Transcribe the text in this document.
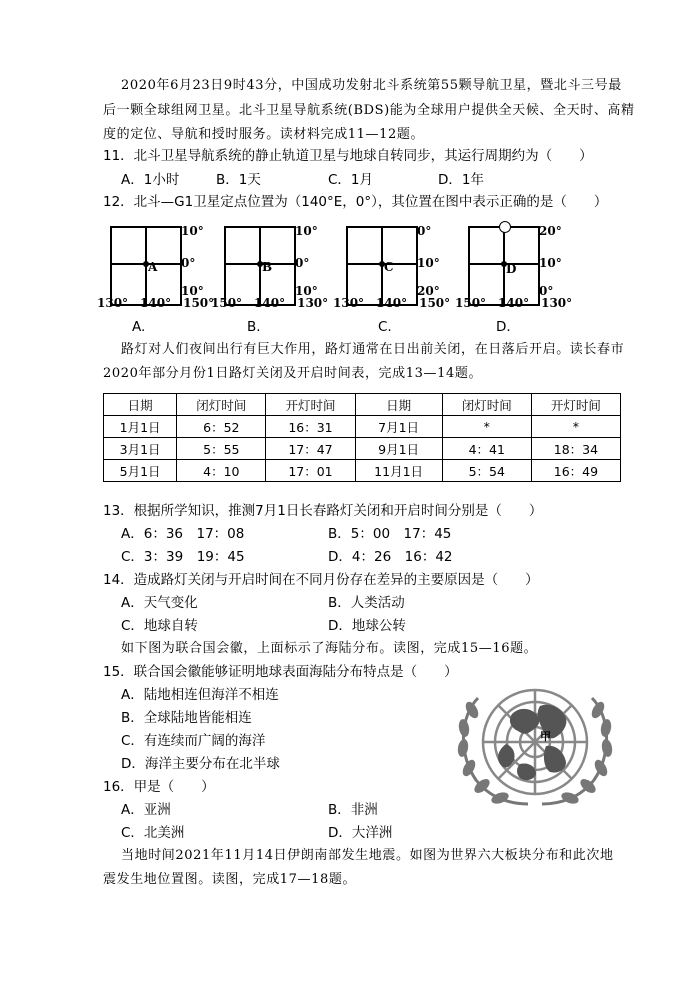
2020年6月23日9时43分，中国成功发射北斗系统第55颗导航卫星，暨北斗三号最
后一颗全球组网卫星。北斗卫星导航系统(BDS)能为全球用户提供全天候、全天时、高精
度的定位、导航和授时服务。读材料完成11—12题。
11．北斗卫星导航系统的静止轨道卫星与地球自转同步，其运行周期约为（　　）
A．1小时	B．1天	C．1月	D．1年
12．北斗—G1卫星定点位置为（140°E，0°），其位置在图中表示正确的是（　　）
A
10°
0°
10°
130°　140°　150°
A.
B
10°
0°
10°
150°　140°　130°
B.
C
0°
10°
20°
130°　140°　150°
C.
D
20°
10°
0°
150°　140°　130°
D.
路灯对人们夜间出行有巨大作用，路灯通常在日出前关闭，在日落后开启。读长春市
2020年部分月份1日路灯关闭及开启时间表，完成13—14题。
日期	闭灯时间	开灯时间	日期	闭灯时间	开灯时间
1月1日	6：52	16：31	7月1日	*	*
3月1日	5：55	17：47	9月1日	4：41	18：34
5月1日	4：10	17：01	11月1日	5：54	16：49
13．根据所学知识，推测7月1日长春路灯关闭和开启时间分别是（　　）
A．6：36　17：08	B．5：00　17：45
C．3：39　19：45	D．4：26　16：42
14．造成路灯关闭与开启时间在不同月份存在差异的主要原因是（　　）
A．天气变化	B．人类活动
C．地球自转	D．地球公转
如下图为联合国会徽，上面标示了海陆分布。读图，完成15—16题。
15．联合国会徽能够证明地球表面海陆分布特点是（　　）
A．陆地相连但海洋不相连
B．全球陆地皆能相连
C．有连续而广阔的海洋
D．海洋主要分布在北半球
甲
16．甲是（　　）
A．亚洲	B．非洲
C．北美洲	D．大洋洲
当地时间2021年11月14日伊朗南部发生地震。如图为世界六大板块分布和此次地
震发生地位置图。读图，完成17—18题。
